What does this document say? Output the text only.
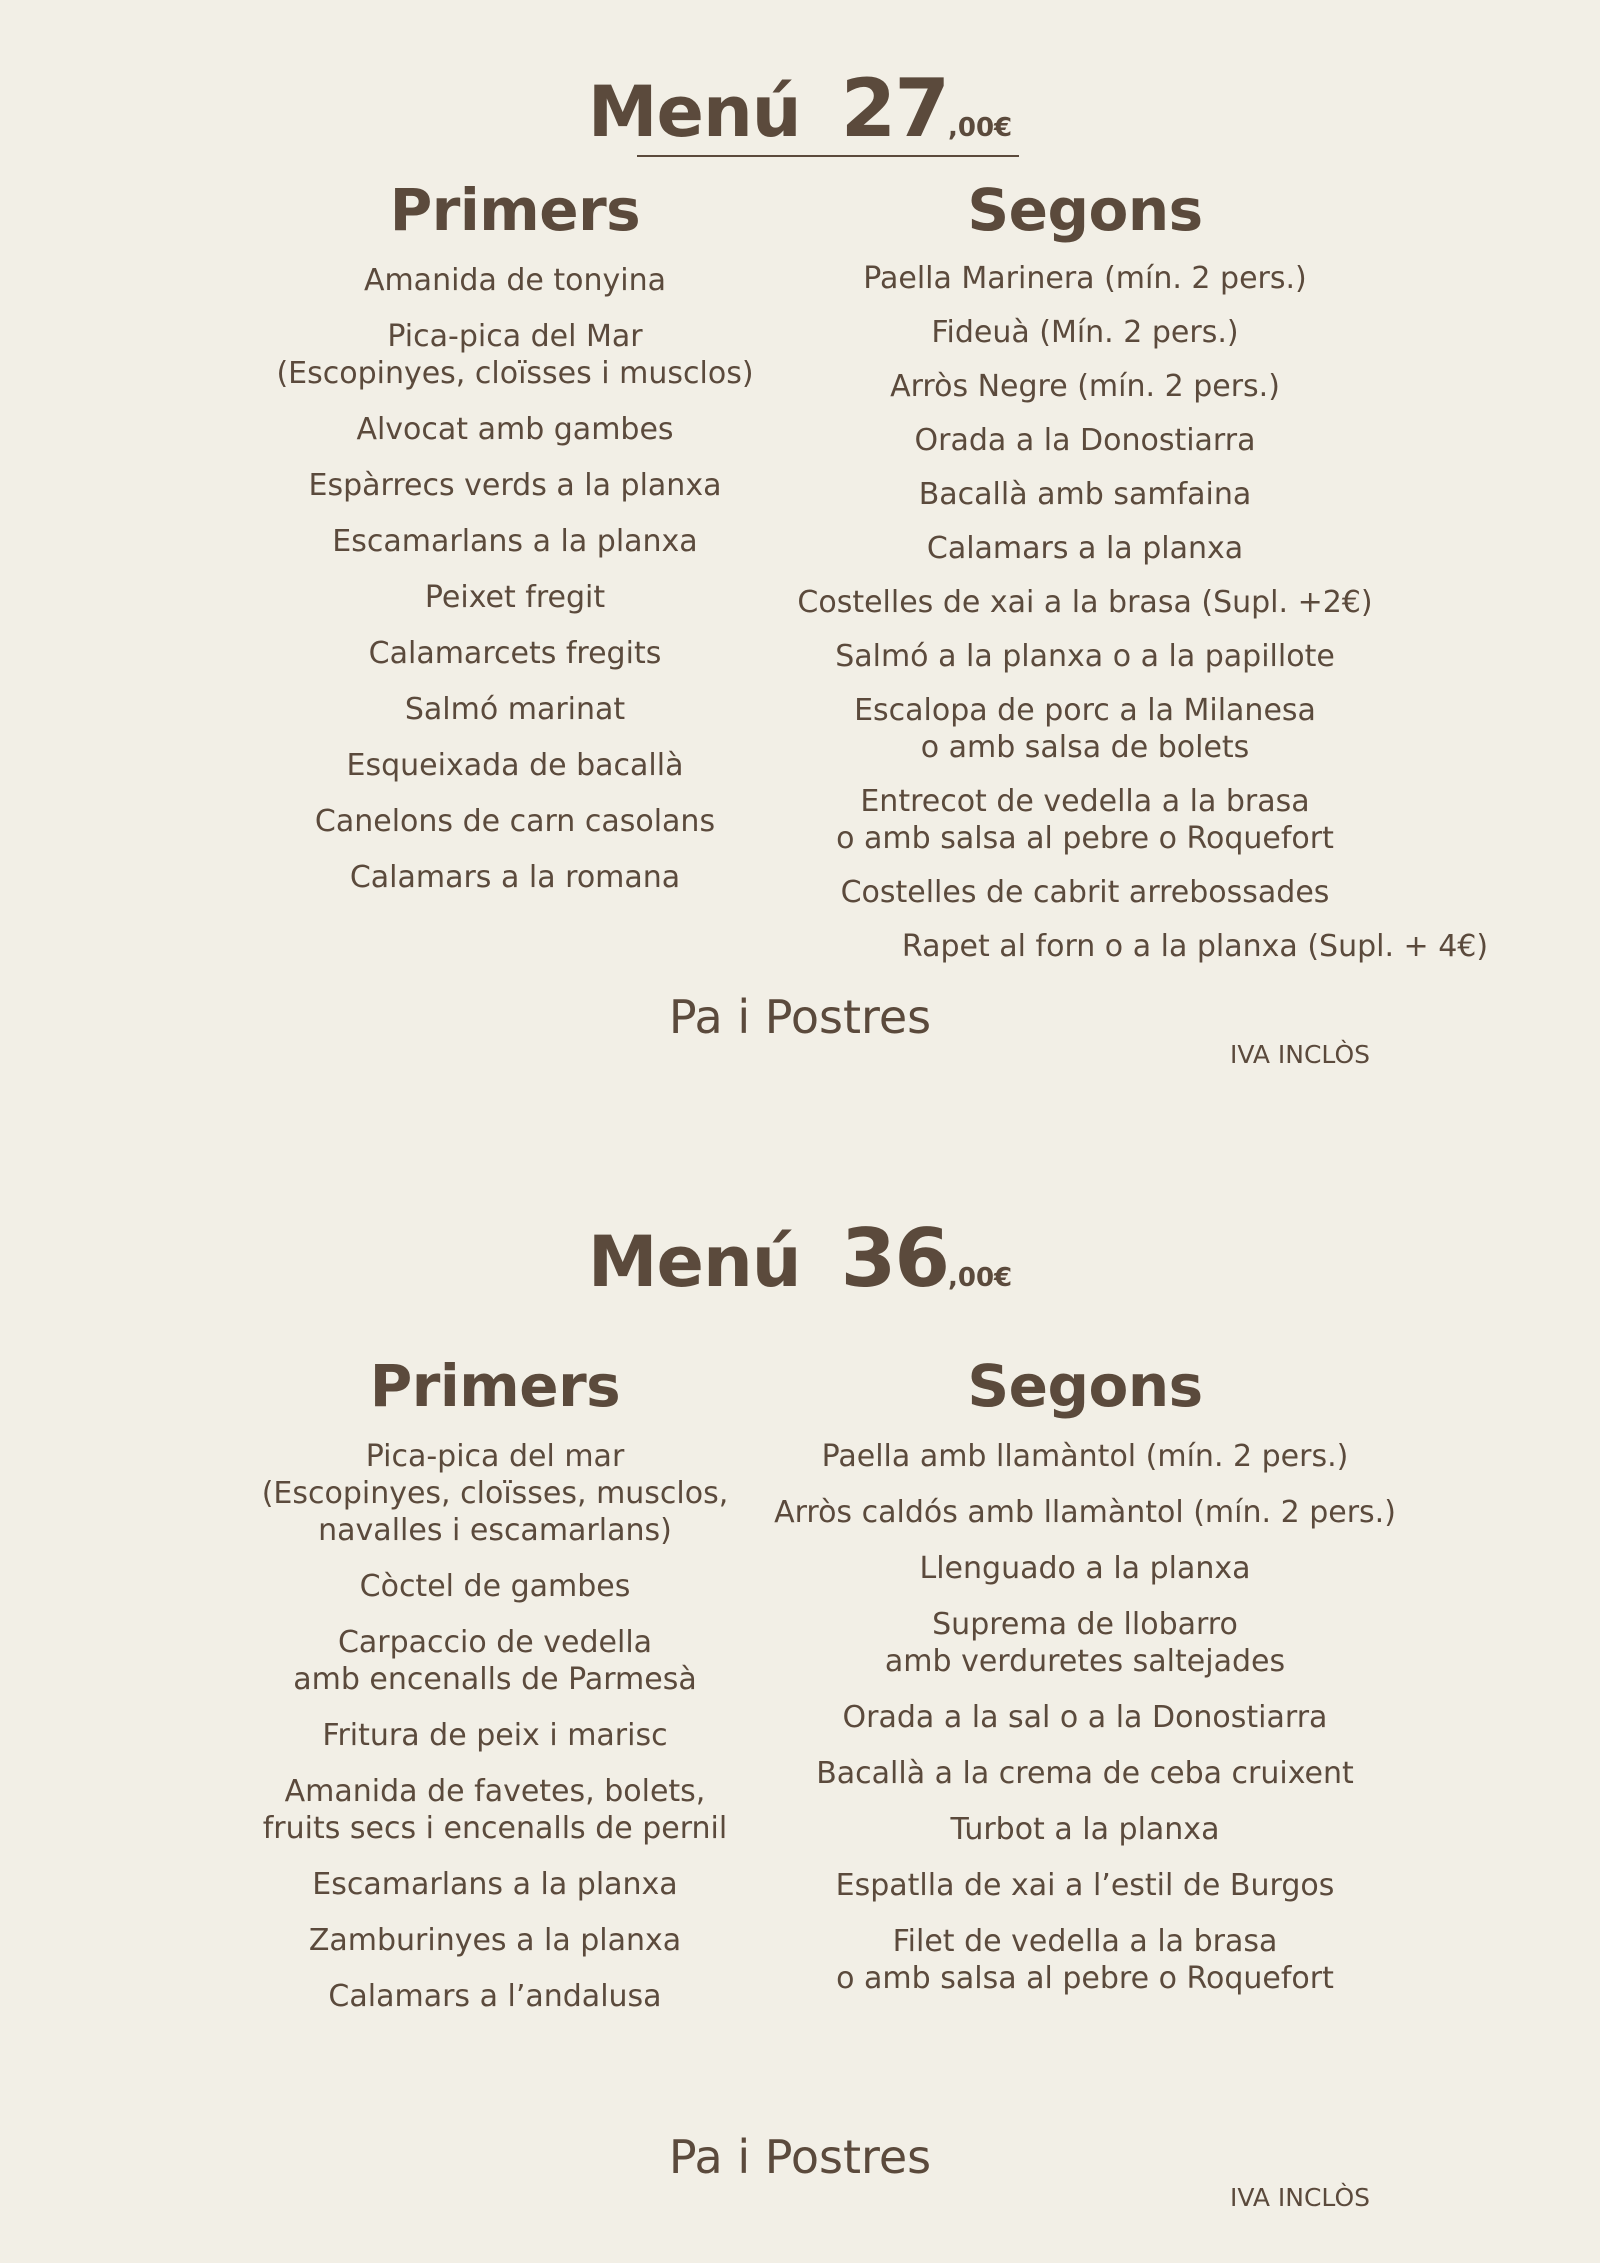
Menú 27,00€
Primers
Amanida de tonyina
Pica-pica del Mar
(Escopinyes, cloïsses i musclos)
Alvocat amb gambes
Espàrrecs verds a la planxa
Escamarlans a la planxa
Peixet fregit
Calamarcets fregits
Salmó marinat
Esqueixada de bacallà
Canelons de carn casolans
Calamars a la romana
Segons
Paella Marinera (mín. 2 pers.)
Fideuà (Mín. 2 pers.)
Arròs Negre (mín. 2 pers.)
Orada a la Donostiarra
Bacallà amb samfaina
Calamars a la planxa
Costelles de xai a la brasa (Supl. +2€)
Salmó a la planxa o a la papillote
Escalopa de porc a la Milanesa
o amb salsa de bolets
Entrecot de vedella a la brasa
o amb salsa al pebre o Roquefort
Costelles de cabrit arrebossades
Rapet al forn o a la planxa (Supl. + 4€)
Pa i Postres
IVA INCLÒS
Menú 36,00€
Primers
Pica-pica del mar
(Escopinyes, cloïsses, musclos,
navalles i escamarlans)
Còctel de gambes
Carpaccio de vedella
amb encenalls de Parmesà
Fritura de peix i marisc
Amanida de favetes, bolets,
fruits secs i encenalls de pernil
Escamarlans a la planxa
Zamburinyes a la planxa
Calamars a l’andalusa
Segons
Paella amb llamàntol (mín. 2 pers.)
Arròs caldós amb llamàntol (mín. 2 pers.)
Llenguado a la planxa
Suprema de llobarro
amb verduretes saltejades
Orada a la sal o a la Donostiarra
Bacallà a la crema de ceba cruixent
Turbot a la planxa
Espatlla de xai a l’estil de Burgos
Filet de vedella a la brasa
o amb salsa al pebre o Roquefort
Pa i Postres
IVA INCLÒS
